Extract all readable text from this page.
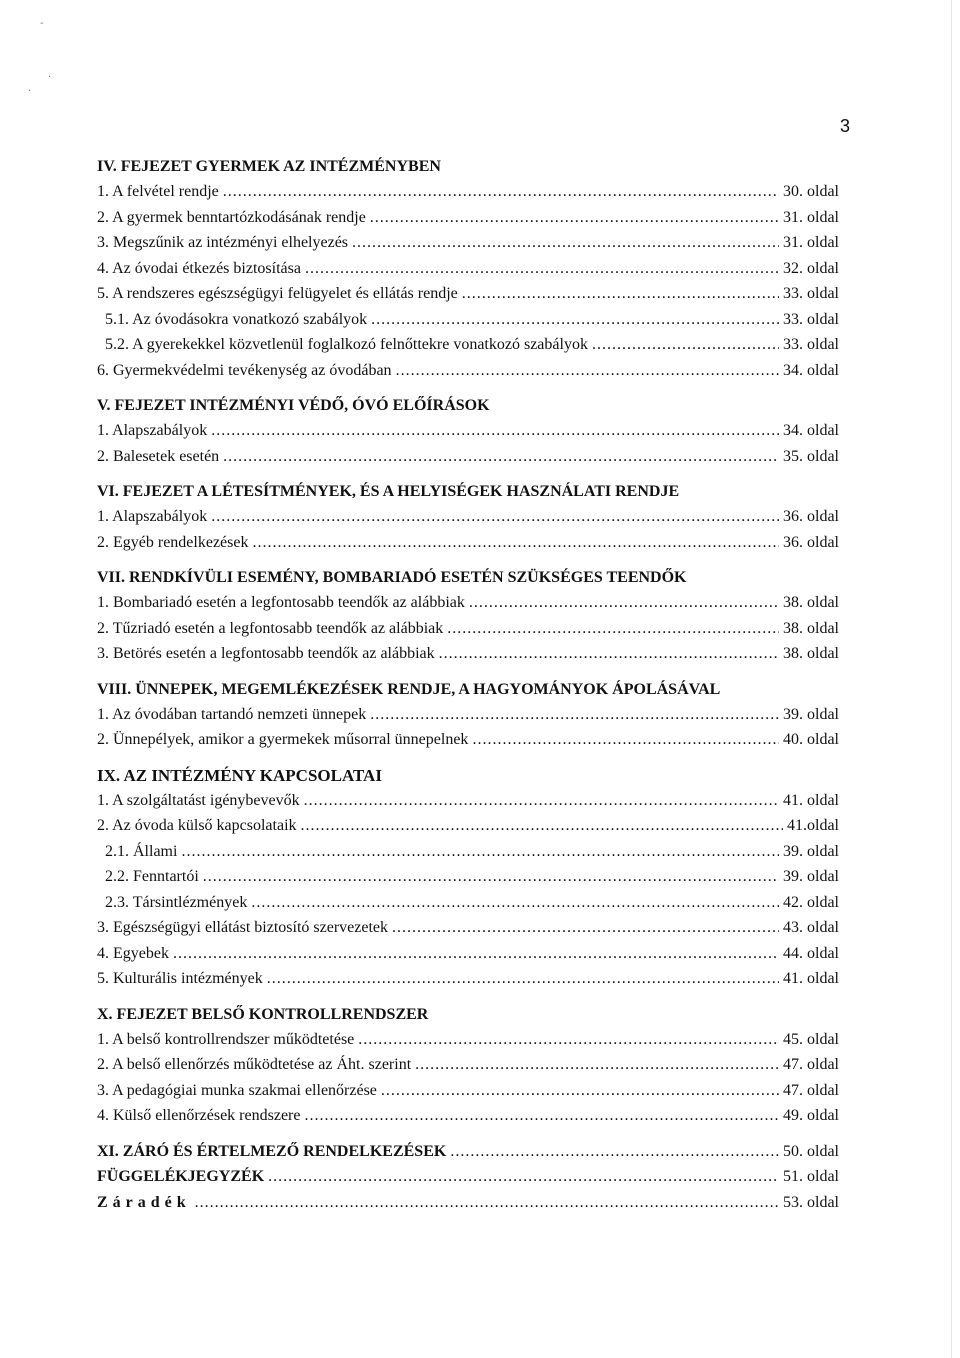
-
·
·
3
IV. FEJEZET GYERMEK AZ INTÉZMÉNYBEN
1. A felvétel rendje .....	30. oldal
2. A gyermek benntartózkodásának rendje .....	31. oldal
3. Megszűnik az intézményi elhelyezés .....	31. oldal
4. Az óvodai étkezés biztosítása .....	32. oldal
5. A rendszeres egészségügyi felügyelet és ellátás rendje .....	33. oldal
5.1. Az óvodásokra vonatkozó szabályok .....	33. oldal
5.2. A gyerekekkel közvetlenül foglalkozó felnőttekre vonatkozó szabályok .....	33. oldal
6. Gyermekvédelmi tevékenység az óvodában .....	34. oldal
V. FEJEZET INTÉZMÉNYI VÉDŐ, ÓVÓ ELŐÍRÁSOK
1. Alapszabályok .....	34. oldal
2. Balesetek esetén .....	35. oldal
VI. FEJEZET A LÉTESÍTMÉNYEK, ÉS A HELYISÉGEK HASZNÁLATI RENDJE
1. Alapszabályok .....	36. oldal
2. Egyéb rendelkezések .....	36. oldal
VII. RENDKÍVÜLI ESEMÉNY, BOMBARIADÓ ESETÉN SZÜKSÉGES TEENDŐK
1. Bombariadó esetén a legfontosabb teendők az alábbiak .....	38. oldal
2. Tűzriadó esetén a legfontosabb teendők az alábbiak .....	38. oldal
3. Betörés esetén a legfontosabb teendők az alábbiak .....	38. oldal
VIII. ÜNNEPEK, MEGEMLÉKEZÉSEK RENDJE, A HAGYOMÁNYOK ÁPOLÁSÁVAL
1. Az óvodában tartandó nemzeti ünnepek .....	39. oldal
2. Ünnepélyek, amikor a gyermekek műsorral ünnepelnek .....	40. oldal
IX. AZ INTÉZMÉNY KAPCSOLATAI
1. A szolgáltatást igénybevevők .....	41. oldal
2. Az óvoda külső kapcsolataik .....	41.oldal
2.1. Állami .....	39. oldal
2.2. Fenntartói .....	39. oldal
2.3. Társintlézmények .....	42. oldal
3. Egészségügyi ellátást biztosító szervezetek .....	43. oldal
4. Egyebek .....	44. oldal
5. Kulturális intézmények .....	41. oldal
X. FEJEZET BELSŐ KONTROLLRENDSZER
1. A belső kontrollrendszer működtetése .....	45. oldal
2. A belső ellenőrzés működtetése az Áht. szerint .....	47. oldal
3. A pedagógiai munka szakmai ellenőrzése .....	47. oldal
4. Külső ellenőrzések rendszere .....	49. oldal
XI. ZÁRÓ ÉS ÉRTELMEZŐ RENDELKEZÉSEK .....	50. oldal
FÜGGELÉKJEGYZÉK .....	51. oldal
Záradék .....	53. oldal
